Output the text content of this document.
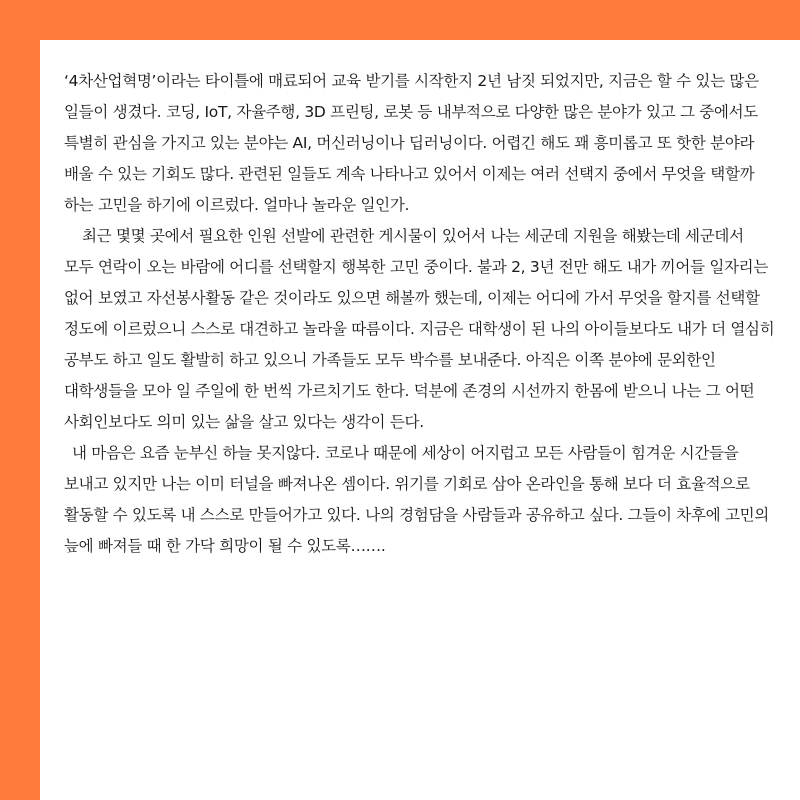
‘4차산업혁명’이라는 타이틀에 매료되어 교육 받기를 시작한지 2년 남짓 되었지만, 지금은 할 수 있는 많은 일들이 생겼다. 코딩, IoT, 자율주행, 3D 프린팅, 로봇 등 내부적으로 다양한 많은 분야가 있고 그 중에서도 특별히 관심을 가지고 있는 분야는 AI, 머신러닝이나 딥러닝이다. 어렵긴 해도 꽤 흥미롭고 또 핫한 분야라 배울 수 있는 기회도 많다. 관련된 일들도 계속 나타나고 있어서 이제는 여러 선택지 중에서 무엇을 택할까 하는 고민을 하기에 이르렀다. 얼마나 놀라운 일인가.

최근 몇몇 곳에서 필요한 인원 선발에 관련한 게시물이 있어서 나는 세군데 지원을 해봤는데 세군데서 모두 연락이 오는 바람에 어디를 선택할지 행복한 고민 중이다. 불과 2, 3년 전만 해도 내가 끼어들 일자리는 없어 보였고 자선봉사활동 같은 것이라도 있으면 해볼까 했는데, 이제는 어디에 가서 무엇을 할지를 선택할 정도에 이르렀으니 스스로 대견하고 놀라울 따름이다. 지금은 대학생이 된 나의 아이들보다도 내가 더 열심히 공부도 하고 일도 활발히 하고 있으니 가족들도 모두 박수를 보내준다. 아직은 이쪽 분야에 문외한인 대학생들을 모아 일 주일에 한 번씩 가르치기도 한다. 덕분에 존경의 시선까지 한몸에 받으니 나는 그 어떤 사회인보다도 의미 있는 삶을 살고 있다는 생각이 든다.

내 마음은 요즘 눈부신 하늘 못지않다. 코로나 때문에 세상이 어지럽고 모든 사람들이 힘겨운 시간들을 보내고 있지만 나는 이미 터널을 빠져나온 셈이다. 위기를 기회로 삼아 온라인을 통해 보다 더 효율적으로 활동할 수 있도록 내 스스로 만들어가고 있다. 나의 경험담을 사람들과 공유하고 싶다. 그들이 차후에 고민의 늪에 빠져들 때 한 가닥 희망이 될 수 있도록…….
